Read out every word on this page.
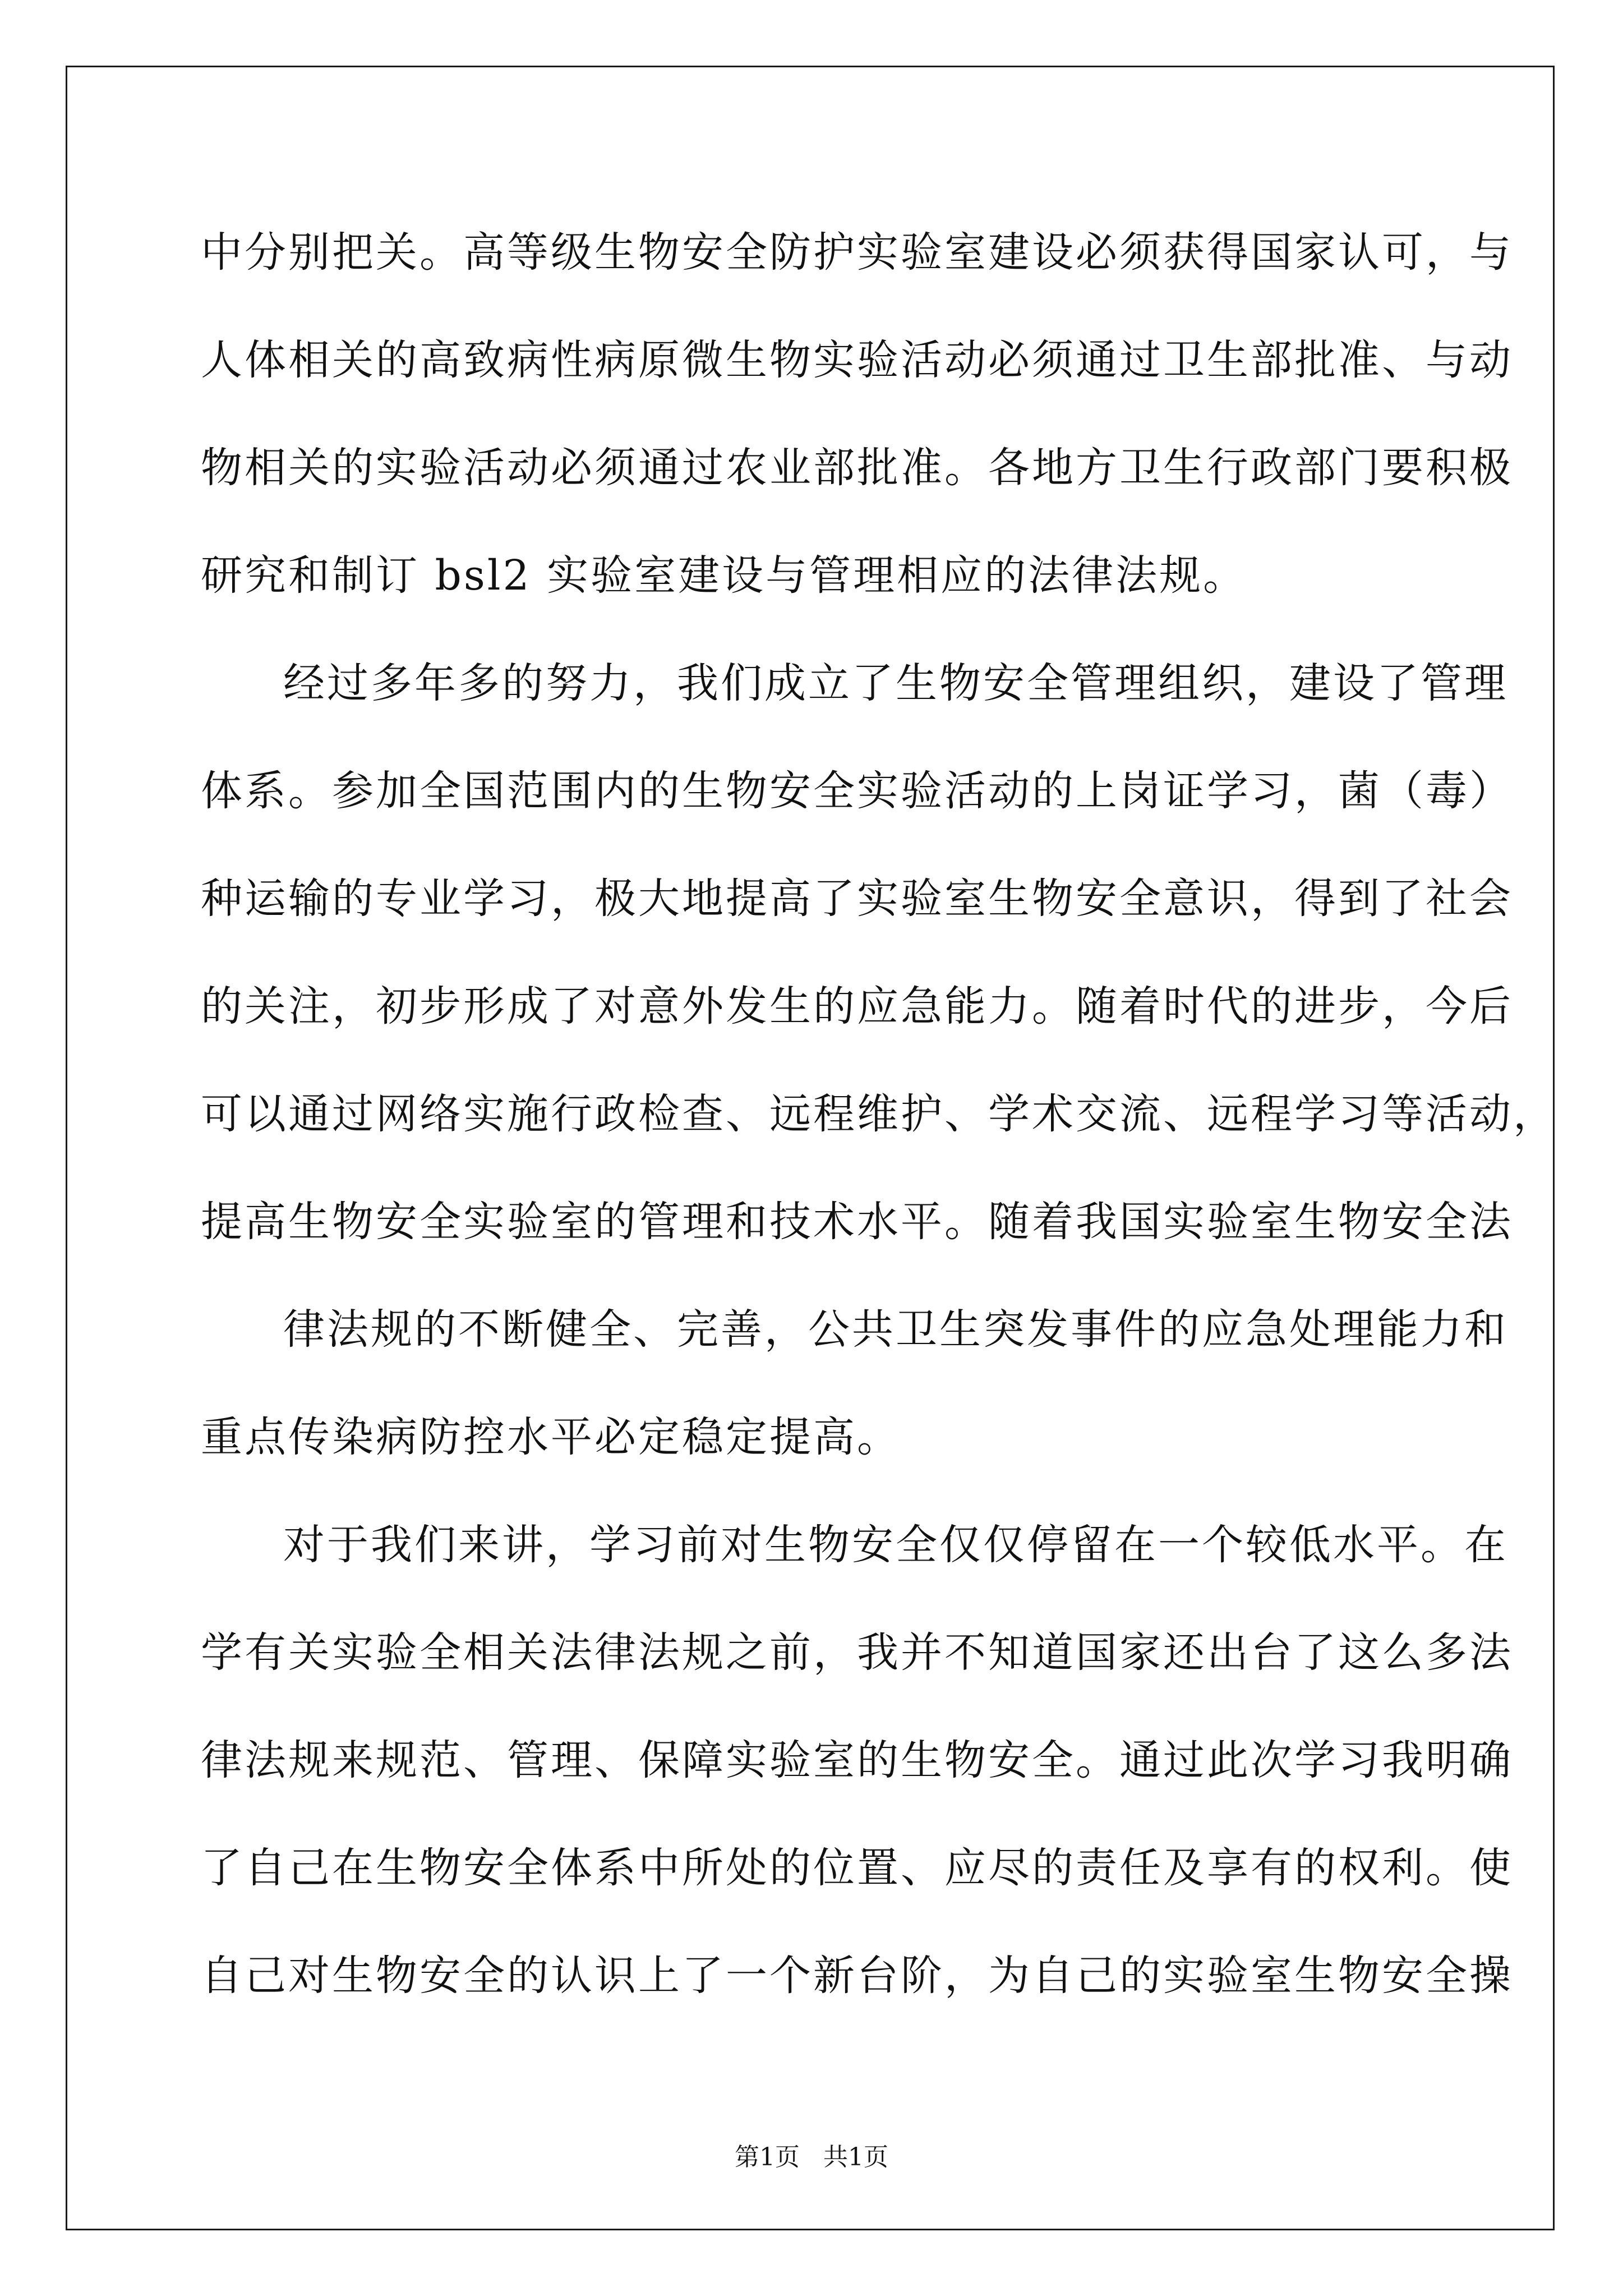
中分别把关。高等级生物安全防护实验室建设必须获得国家认可，与
人体相关的高致病性病原微生物实验活动必须通过卫生部批准、与动
物相关的实验活动必须通过农业部批准。各地方卫生行政部门要积极
研究和制订 bsl2 实验室建设与管理相应的法律法规。
经过多年多的努力，我们成立了生物安全管理组织，建设了管理
体系。参加全国范围内的生物安全实验活动的上岗证学习，菌（毒）
种运输的专业学习，极大地提高了实验室生物安全意识，得到了社会
的关注，初步形成了对意外发生的应急能力。随着时代的进步，今后
可以通过网络实施行政检查、远程维护、学术交流、远程学习等活动，
提高生物安全实验室的管理和技术水平。随着我国实验室生物安全法
律法规的不断健全、完善，公共卫生突发事件的应急处理能力和
重点传染病防控水平必定稳定提高。
对于我们来讲，学习前对生物安全仅仅停留在一个较低水平。在
学有关实验全相关法律法规之前，我并不知道国家还出台了这么多法
律法规来规范、管理、保障实验室的生物安全。通过此次学习我明确
了自己在生物安全体系中所处的位置、应尽的责任及享有的权利。使
自己对生物安全的认识上了一个新台阶，为自己的实验室生物安全操
第1页   共1页
